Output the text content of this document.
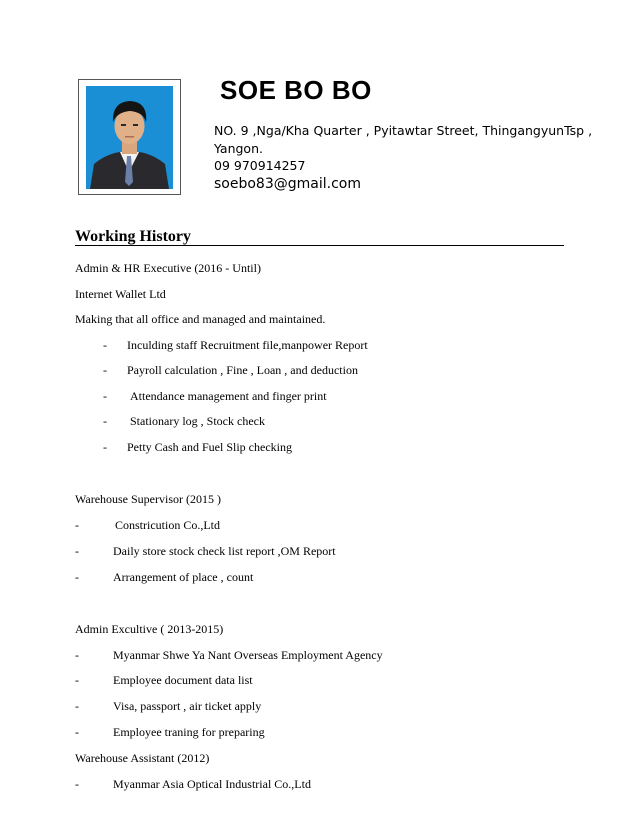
SOE BO BO
NO. 9 ,Nga/Kha Quarter , Pyitawtar Street, ThingangyunTsp ,
Yangon.
09 970914257
soebo83@gmail.com
Working History
Admin & HR Executive (2016 - Until)
Internet Wallet Ltd
Making that all office and managed and maintained.
- Inculding staff Recruitment file,manpower Report
- Payroll calculation , Fine , Loan , and deduction
- Attendance management and finger print
- Stationary log , Stock check
- Petty Cash and Fuel Slip checking
Warehouse Supervisor (2015 )
-	Constricution Co.,Ltd
-	Daily store stock check list report ,OM Report
-	Arrangement of place , count
Admin Excultive ( 2013-2015)
-	Myanmar Shwe Ya Nant Overseas Employment Agency
-	Employee document data list
-	Visa, passport , air ticket apply
-	Employee traning for preparing
Warehouse Assistant (2012)
-	Myanmar Asia Optical Industrial Co.,Ltd
